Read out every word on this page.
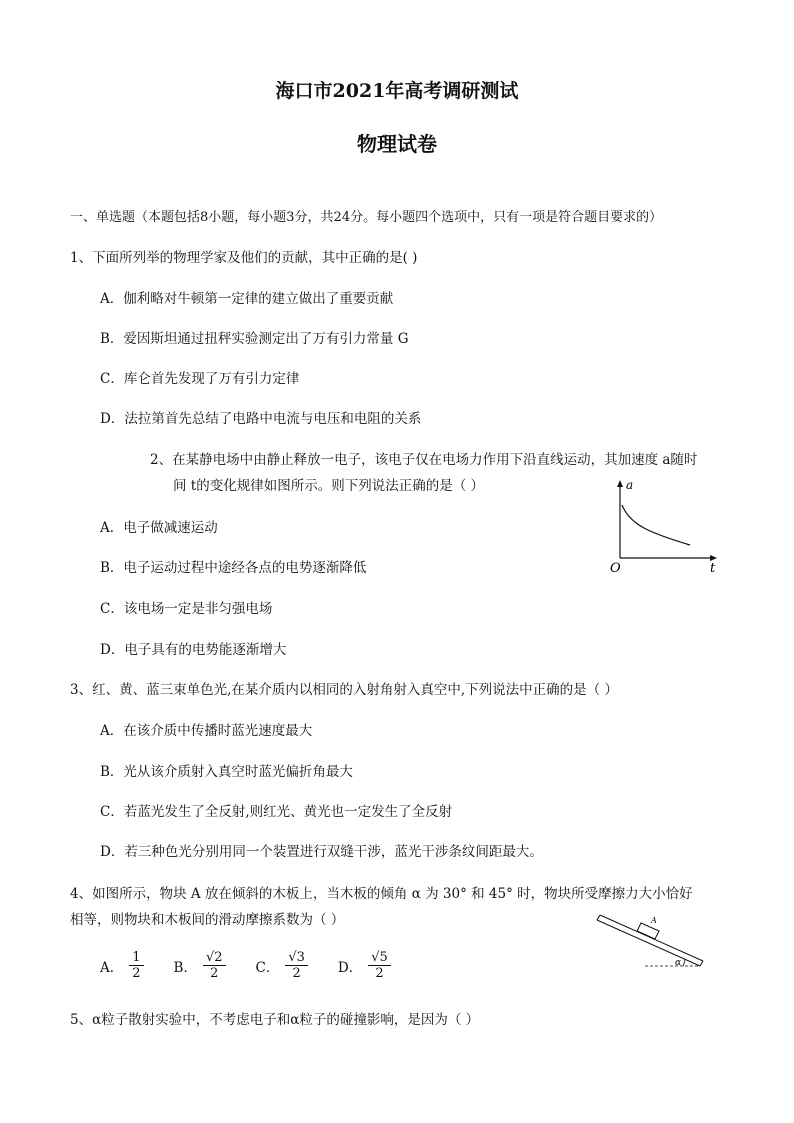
海口市2021年高考调研测试
物理试卷
一、单选题（本题包括8小题，每小题3分，共24分。每小题四个选项中，只有一项是符合题目要求的）
1、下面所列举的物理学家及他们的贡献，其中正确的是( )
A．伽利略对牛顿第一定律的建立做出了重要贡献
B．爱因斯坦通过扭秤实验测定出了万有引力常量 G
C．库仑首先发现了万有引力定律
D．法拉第首先总结了电路中电流与电压和电阻的关系
2、在某静电场中由静止释放一电子，该电子仅在电场力作用下沿直线运动，其加速度 a随时
间 t的变化规律如图所示。则下列说法正确的是（ ）
A．电子做减速运动
B．电子运动过程中途经各点的电势逐渐降低
C．该电场一定是非匀强电场
D．电子具有的电势能逐渐增大
a
t
O
3、红、黄、蓝三束单色光,在某介质内以相同的入射角射入真空中,下列说法中正确的是（ ）
A．在该介质中传播时蓝光速度最大
B．光从该介质射入真空时蓝光偏折角最大
C．若蓝光发生了全反射,则红光、黄光也一定发生了全反射
D．若三种色光分别用同一个装置进行双缝干涉，蓝光干涉条纹间距最大。
4、如图所示，物块 A 放在倾斜的木板上，当木板的倾角 α 为 30° 和 45° 时，物块所受摩擦力大小恰好
相等，则物块和木板间的滑动摩擦系数为（ ）
A． $\frac{1}{2}$ B． $\frac{√2}{2}$ C． $\frac{√3}{2}$ D． $\frac{√5}{2}$
A
α
5、α粒子散射实验中，不考虑电子和α粒子的碰撞影响，是因为（ ）
